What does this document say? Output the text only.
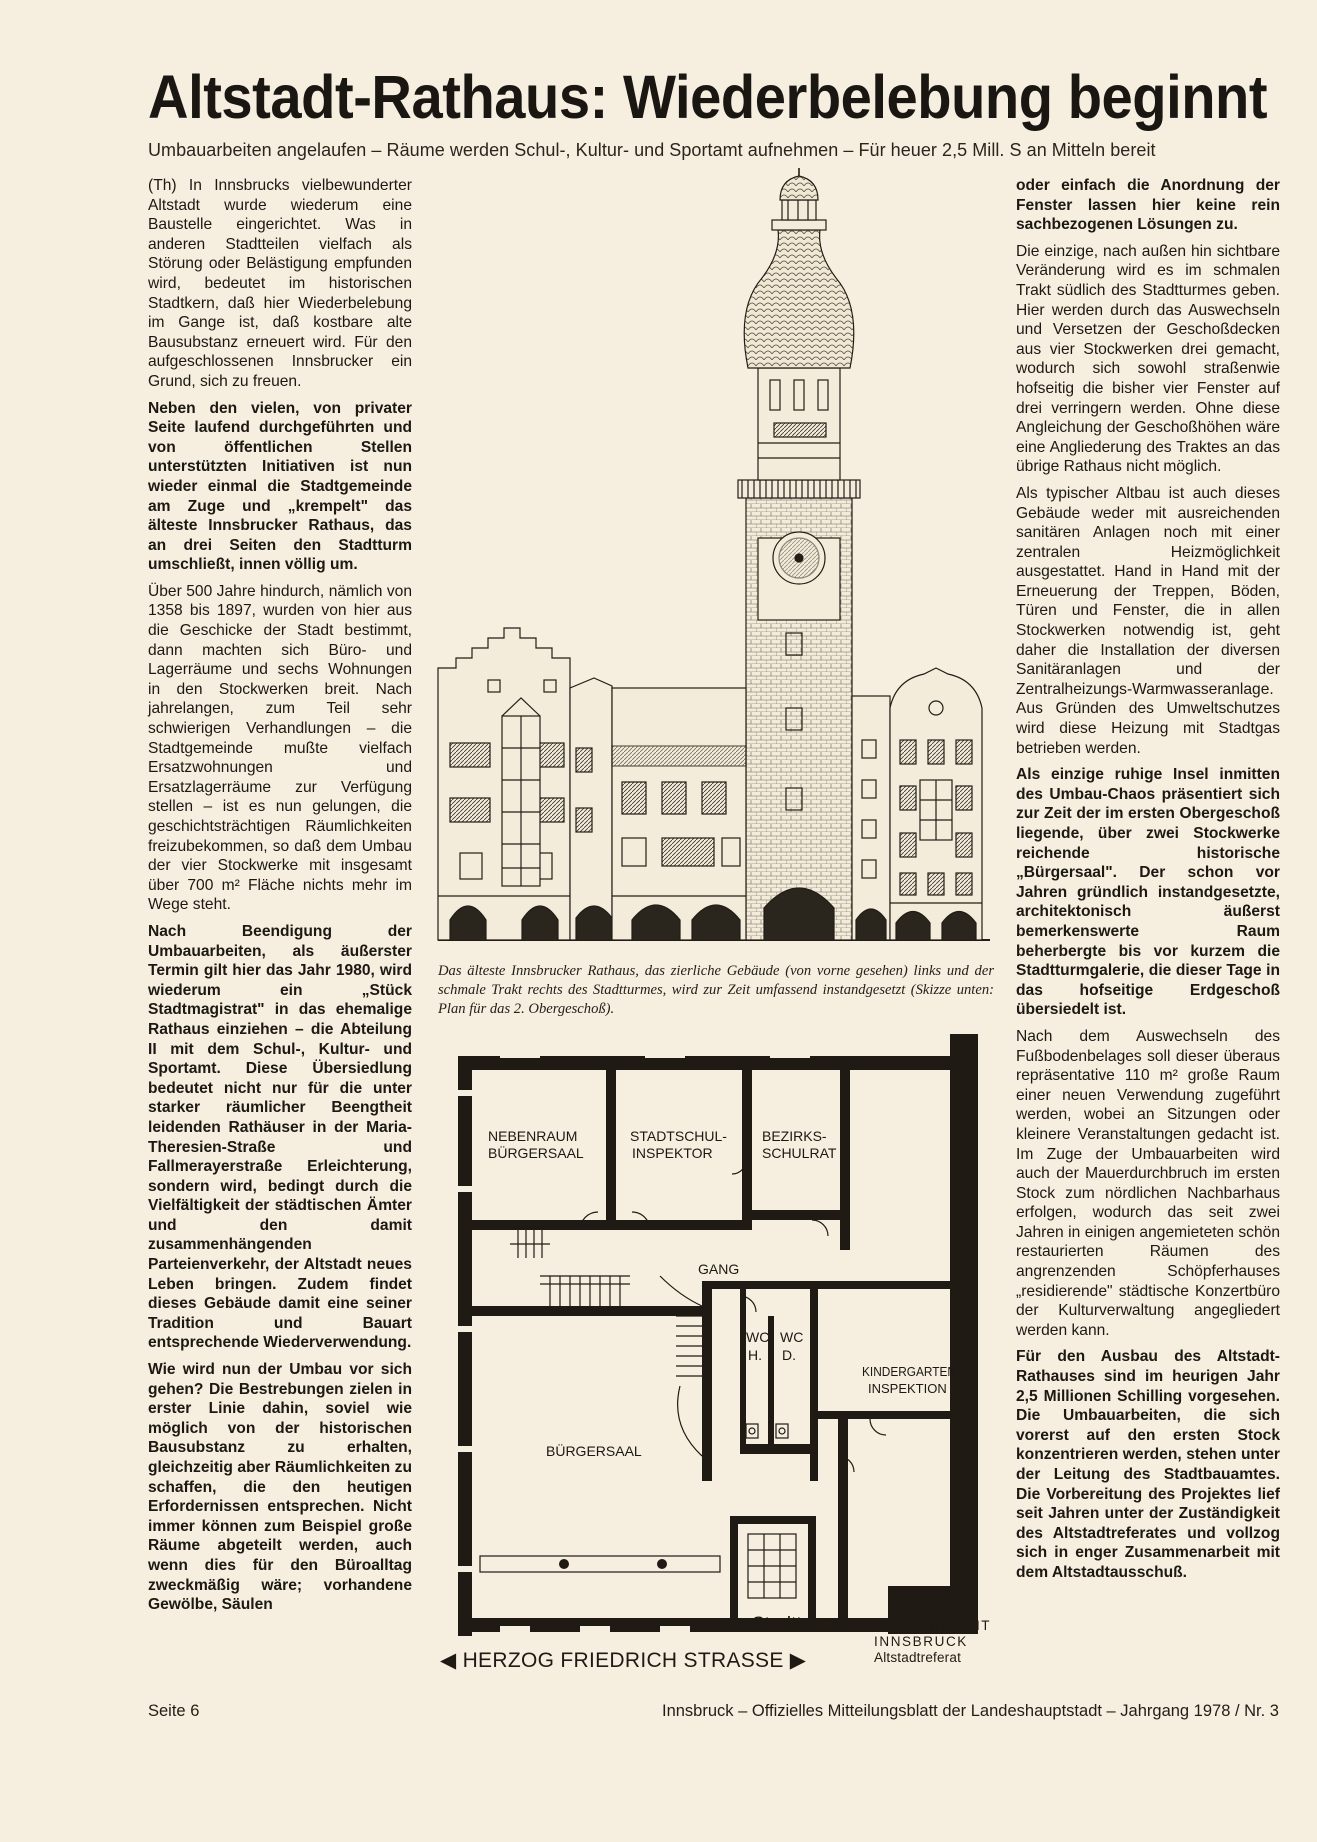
Altstadt-Rathaus: Wiederbelebung beginnt
Umbauarbeiten angelaufen – Räume werden Schul-, Kultur- und Sportamt aufnehmen – Für heuer 2,5 Mill. S an Mitteln bereit

(Th) In Innsbrucks vielbewunderter Altstadt wurde wiederum eine Baustelle eingerichtet. Was in anderen Stadtteilen vielfach als Störung oder Belästigung empfunden wird, bedeutet im historischen Stadtkern, daß hier Wiederbelebung im Gange ist, daß kostbare alte Bausubstanz erneuert wird. Für den aufgeschlossenen Innsbrucker ein Grund, sich zu freuen.

Neben den vielen, von privater Seite laufend durchgeführten und von öffentlichen Stellen unterstützten Initiativen ist nun wieder einmal die Stadtgemeinde am Zuge und „krempelt" das älteste Innsbrucker Rathaus, das an drei Seiten den Stadtturm umschließt, innen völlig um.

Über 500 Jahre hindurch, nämlich von 1358 bis 1897, wurden von hier aus die Geschicke der Stadt bestimmt, dann machten sich Büro- und Lagerräume und sechs Wohnungen in den Stockwerken breit. Nach jahrelangen, zum Teil sehr schwierigen Verhandlungen – die Stadtgemeinde mußte vielfach Ersatzwohnungen und Ersatzlagerräume zur Verfügung stellen – ist es nun gelungen, die geschichtsträchtigen Räumlichkeiten freizubekommen, so daß dem Umbau der vier Stockwerke mit insgesamt über 700 m² Fläche nichts mehr im Wege steht.

Nach Beendigung der Umbauarbeiten, als äußerster Termin gilt hier das Jahr 1980, wird wiederum ein „Stück Stadtmagistrat" in das ehemalige Rathaus einziehen – die Abteilung II mit dem Schul-, Kultur- und Sportamt. Diese Übersiedlung bedeutet nicht nur für die unter starker räumlicher Beengtheit leidenden Rathäuser in der Maria-Theresien-Straße und Fallmerayerstraße Erleichterung, sondern wird, bedingt durch die Vielfältigkeit der städtischen Ämter und den damit zusammenhängenden Parteienverkehr, der Altstadt neues Leben bringen. Zudem findet dieses Gebäude damit eine seiner Tradition und Bauart entsprechende Wiederverwendung.

Wie wird nun der Umbau vor sich gehen? Die Bestrebungen zielen in erster Linie dahin, soviel wie möglich von der historischen Bausubstanz zu erhalten, gleichzeitig aber Räumlichkeiten zu schaffen, die den heutigen Erfordernissen entsprechen. Nicht immer können zum Beispiel große Räume abgeteilt werden, auch wenn dies für den Büroalltag zweckmäßig wäre; vorhandene Gewölbe, Säulen

oder einfach die Anordnung der Fenster lassen hier keine rein sachbezogenen Lösungen zu.

Die einzige, nach außen hin sichtbare Veränderung wird es im schmalen Trakt südlich des Stadtturmes geben. Hier werden durch das Auswechseln und Versetzen der Geschoßdecken aus vier Stockwerken drei gemacht, wodurch sich sowohl straßenwie hofseitig die bisher vier Fenster auf drei verringern werden. Ohne diese Angleichung der Geschoßhöhen wäre eine Angliederung des Traktes an das übrige Rathaus nicht möglich.

Als typischer Altbau ist auch dieses Gebäude weder mit ausreichenden sanitären Anlagen noch mit einer zentralen Heizmöglichkeit ausgestattet. Hand in Hand mit der Erneuerung der Treppen, Böden, Türen und Fenster, die in allen Stockwerken notwendig ist, geht daher die Installation der diversen Sanitäranlagen und der Zentralheizungs-Warmwasseranlage. Aus Gründen des Umweltschutzes wird diese Heizung mit Stadtgas betrieben werden.

Als einzige ruhige Insel inmitten des Umbau-Chaos präsentiert sich zur Zeit der im ersten Obergeschoß liegende, über zwei Stockwerke reichende historische „Bürgersaal". Der schon vor Jahren gründlich instandgesetzte, architektonisch äußerst bemerkenswerte Raum beherbergte bis vor kurzem die Stadtturmgalerie, die dieser Tage in das hofseitige Erdgeschoß übersiedelt ist.

Nach dem Auswechseln des Fußbodenbelages soll dieser überaus repräsentative 110 m² große Raum einer neuen Verwendung zugeführt werden, wobei an Sitzungen oder kleinere Veranstaltungen gedacht ist. Im Zuge der Umbauarbeiten wird auch der Mauerdurchbruch im ersten Stock zum nördlichen Nachbarhaus erfolgen, wodurch das seit zwei Jahren in einigen angemieteten schön restaurierten Räumen des angrenzenden Schöpferhauses „residierende" städtische Konzertbüro der Kulturverwaltung angegliedert werden kann.

Für den Ausbau des Altstadt-Rathauses sind im heurigen Jahr 2,5 Millionen Schilling vorgesehen. Die Umbauarbeiten, die sich vorerst auf den ersten Stock konzentrieren werden, stehen unter der Leitung des Stadtbauamtes. Die Vorbereitung des Projektes lief seit Jahren unter der Zuständigkeit des Altstadtreferates und vollzog sich in enger Zusammenarbeit mit dem Altstadtausschuß.

Das älteste Innsbrucker Rathaus, das zierliche Gebäude (von vorne gesehen) links und der schmale Trakt rechts des Stadtturmes, wird zur Zeit umfassend instandgesetzt (Skizze unten: Plan für das 2. Obergeschoß).
NEBENRAUM
BÜRGERSAAL
STADTSCHUL-
INSPEKTOR
BEZIRKS-
SCHULRAT
GANG
WC
H.
WC
D.
KINDERGARTEN
INSPEKTION
BÜRGERSAAL
Stadtturm	STADTBAUAMT
INNSBRUCK
Altstadtreferat
◀ HERZOG FRIEDRICH STRASSE ▶
Seite 6	Innsbruck – Offizielles Mitteilungsblatt der Landeshauptstadt – Jahrgang 1978 / Nr. 3
